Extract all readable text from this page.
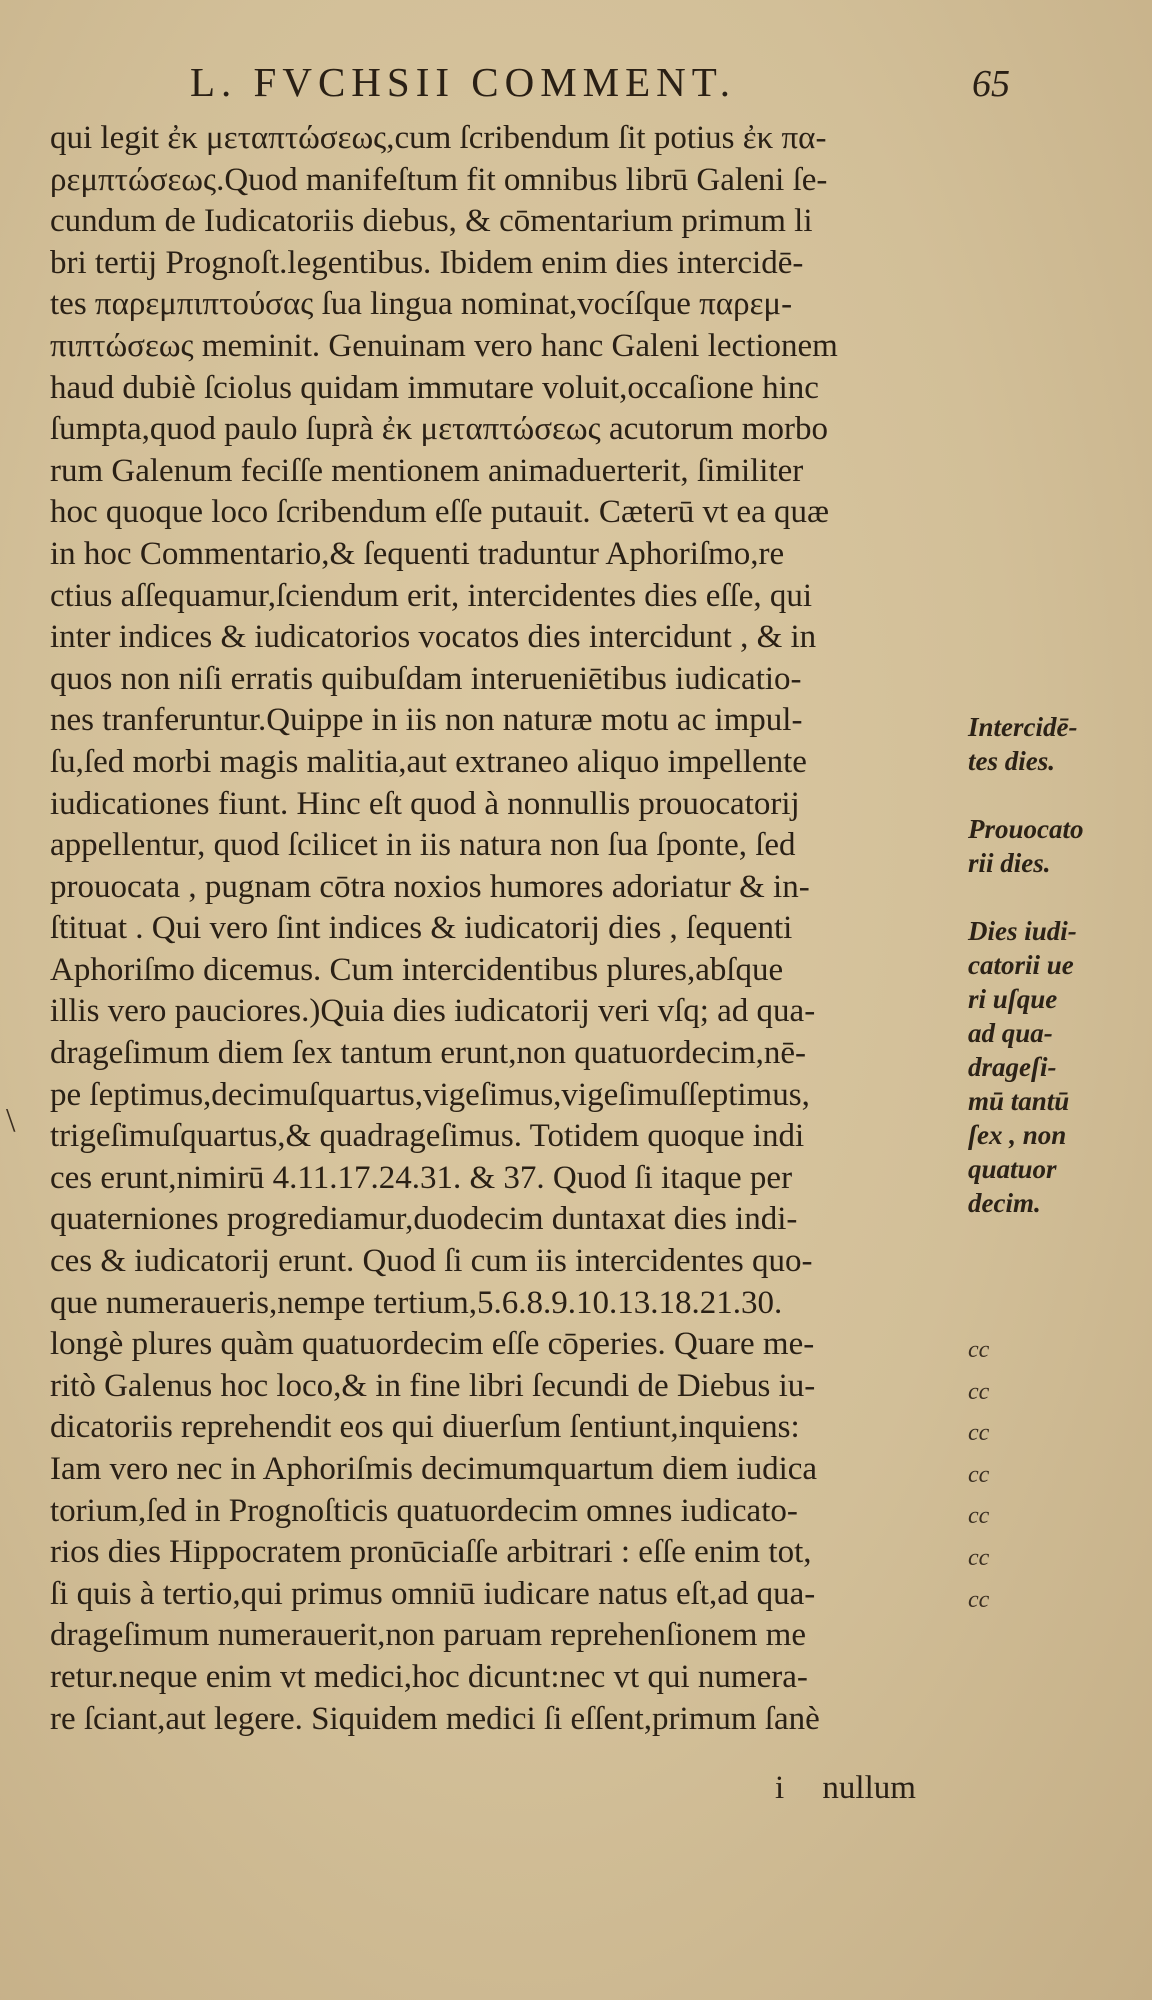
L. FVCHSII COMMENT.	65
qui legit ἐκ μεταπτώσεως,cum ſcribendum ſit potius ἐκ πα-
ρεμπτώσεως.Quod manifeſtum fit omnibus librū Galeni ſe-
cundum de Iudicatoriis diebus, & cōmentarium primum li
bri tertij Prognoſt.legentibus. Ibidem enim dies intercidē-
tes παρεμπιπτούσας ſua lingua nominat,vocíſque παρεμ-
πιπτώσεως meminit. Genuinam vero hanc Galeni lectionem
haud dubiè ſciolus quidam immutare voluit,occaſione hinc
ſumpta,quod paulo ſuprà ἐκ μεταπτώσεως acutorum morbo
rum Galenum feciſſe mentionem animaduerterit, ſimiliter
hoc quoque loco ſcribendum eſſe putauit. Cæterū vt ea quæ
in hoc Commentario,& ſequenti traduntur Aphoriſmo,re
ctius aſſequamur,ſciendum erit, intercidentes dies eſſe, qui
inter indices & iudicatorios vocatos dies intercidunt , & in
quos non niſi erratis quibuſdam interueniētibus iudicatio-
nes tranferuntur.Quippe in iis non naturæ motu ac impul-
ſu,ſed morbi magis malitia,aut extraneo aliquo impellente
iudicationes fiunt. Hinc eſt quod à nonnullis prouocatorij
appellentur, quod ſcilicet in iis natura non ſua ſponte, ſed
prouocata , pugnam cōtra noxios humores adoriatur & in-
ſtituat . Qui vero ſint indices & iudicatorij dies , ſequenti
Aphoriſmo dicemus. Cum intercidentibus plures,abſque
illis vero pauciores.)Quia dies iudicatorij veri vſq; ad qua-
drageſimum diem ſex tantum erunt,non quatuordecim,nē-
pe ſeptimus,decimuſquartus,vigeſimus,vigeſimuſſeptimus,
trigeſimuſquartus,& quadrageſimus. Totidem quoque indi
ces erunt,nimirū 4.11.17.24.31. & 37. Quod ſi itaque per
quaterniones progrediamur,duodecim duntaxat dies indi-
ces & iudicatorij erunt. Quod ſi cum iis intercidentes quo-
que numeraueris,nempe tertium,5.6.8.9.10.13.18.21.30.
longè plures quàm quatuordecim eſſe cōperies. Quare me-
ritò Galenus hoc loco,& in fine libri ſecundi de Diebus iu-
dicatoriis reprehendit eos qui diuerſum ſentiunt,inquiens:
Iam vero nec in Aphoriſmis decimumquartum diem iudica
torium,ſed in Prognoſticis quatuordecim omnes iudicato-
rios dies Hippocratem pronūciaſſe arbitrari : eſſe enim tot,
ſi quis à tertio,qui primus omniū iudicare natus eſt,ad qua-
drageſimum numerauerit,non paruam reprehenſionem me
retur.neque enim vt medici,hoc dicunt:nec vt qui numera-
re ſciant,aut legere. Siquidem medici ſi eſſent,primum ſanè
Intercidē-
tes dies.

Prouocato
rii dies.

Dies iudi-
catorii ue
ri uſque
ad qua-
drageſi-
mū tantū
ſex , non
quatuor
decim.
cc
cc
cc
cc
cc
cc
cc
i nullum
\
